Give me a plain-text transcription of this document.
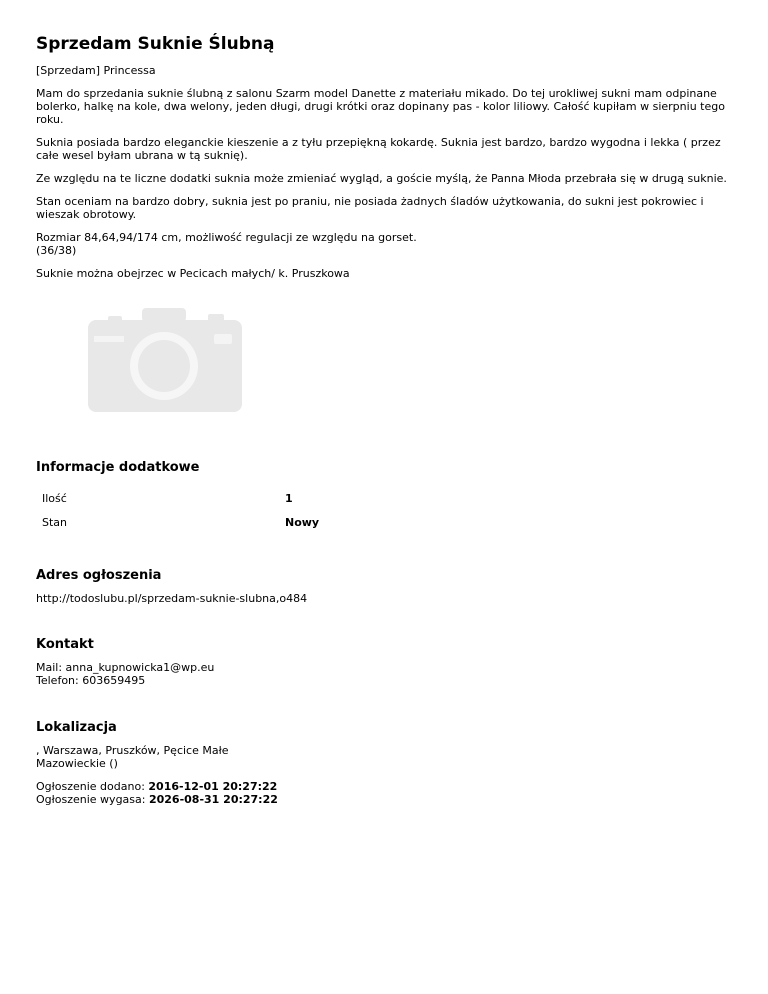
Sprzedam Suknie Ślubną

[Sprzedam] Princessa

Mam do sprzedania suknie ślubną z salonu Szarm model Danette z materiału mikado. Do tej urokliwej sukni mam odpinane bolerko, halkę na kole, dwa welony, jeden długi, drugi krótki oraz dopinany pas - kolor liliowy. Całość kupiłam w sierpniu tego roku.

Suknia posiada bardzo eleganckie kieszenie a z tyłu przepiękną kokardę. Suknia jest bardzo, bardzo wygodna i lekka ( przez całe wesel byłam ubrana w tą suknię).

Ze względu na te liczne dodatki suknia może zmieniać wygląd, a goście myślą, że Panna Młoda przebrała się w drugą suknie.

Stan oceniam na bardzo dobry, suknia jest po praniu, nie posiada żadnych śladów użytkowania, do sukni jest pokrowiec i wieszak obrotowy.

Rozmiar 84,64,94/174 cm, możliwość regulacji ze względu na gorset.
(36/38)

Suknie można obejrzec w Pecicach małych/ k. Pruszkowa

Informacje dodatkowe
Ilość	1
Stan	Nowy
Adres ogłoszenia

http://todoslubu.pl/sprzedam-suknie-slubna,o484

Kontakt
Mail: anna_kupnowicka1@wp.eu
Telefon: 603659495
Lokalizacja
, Warszawa, Pruszków, Pęcice Małe
Mazowieckie ()
Ogłoszenie dodano: 2016-12-01 20:27:22
Ogłoszenie wygasa: 2026-08-31 20:27:22
